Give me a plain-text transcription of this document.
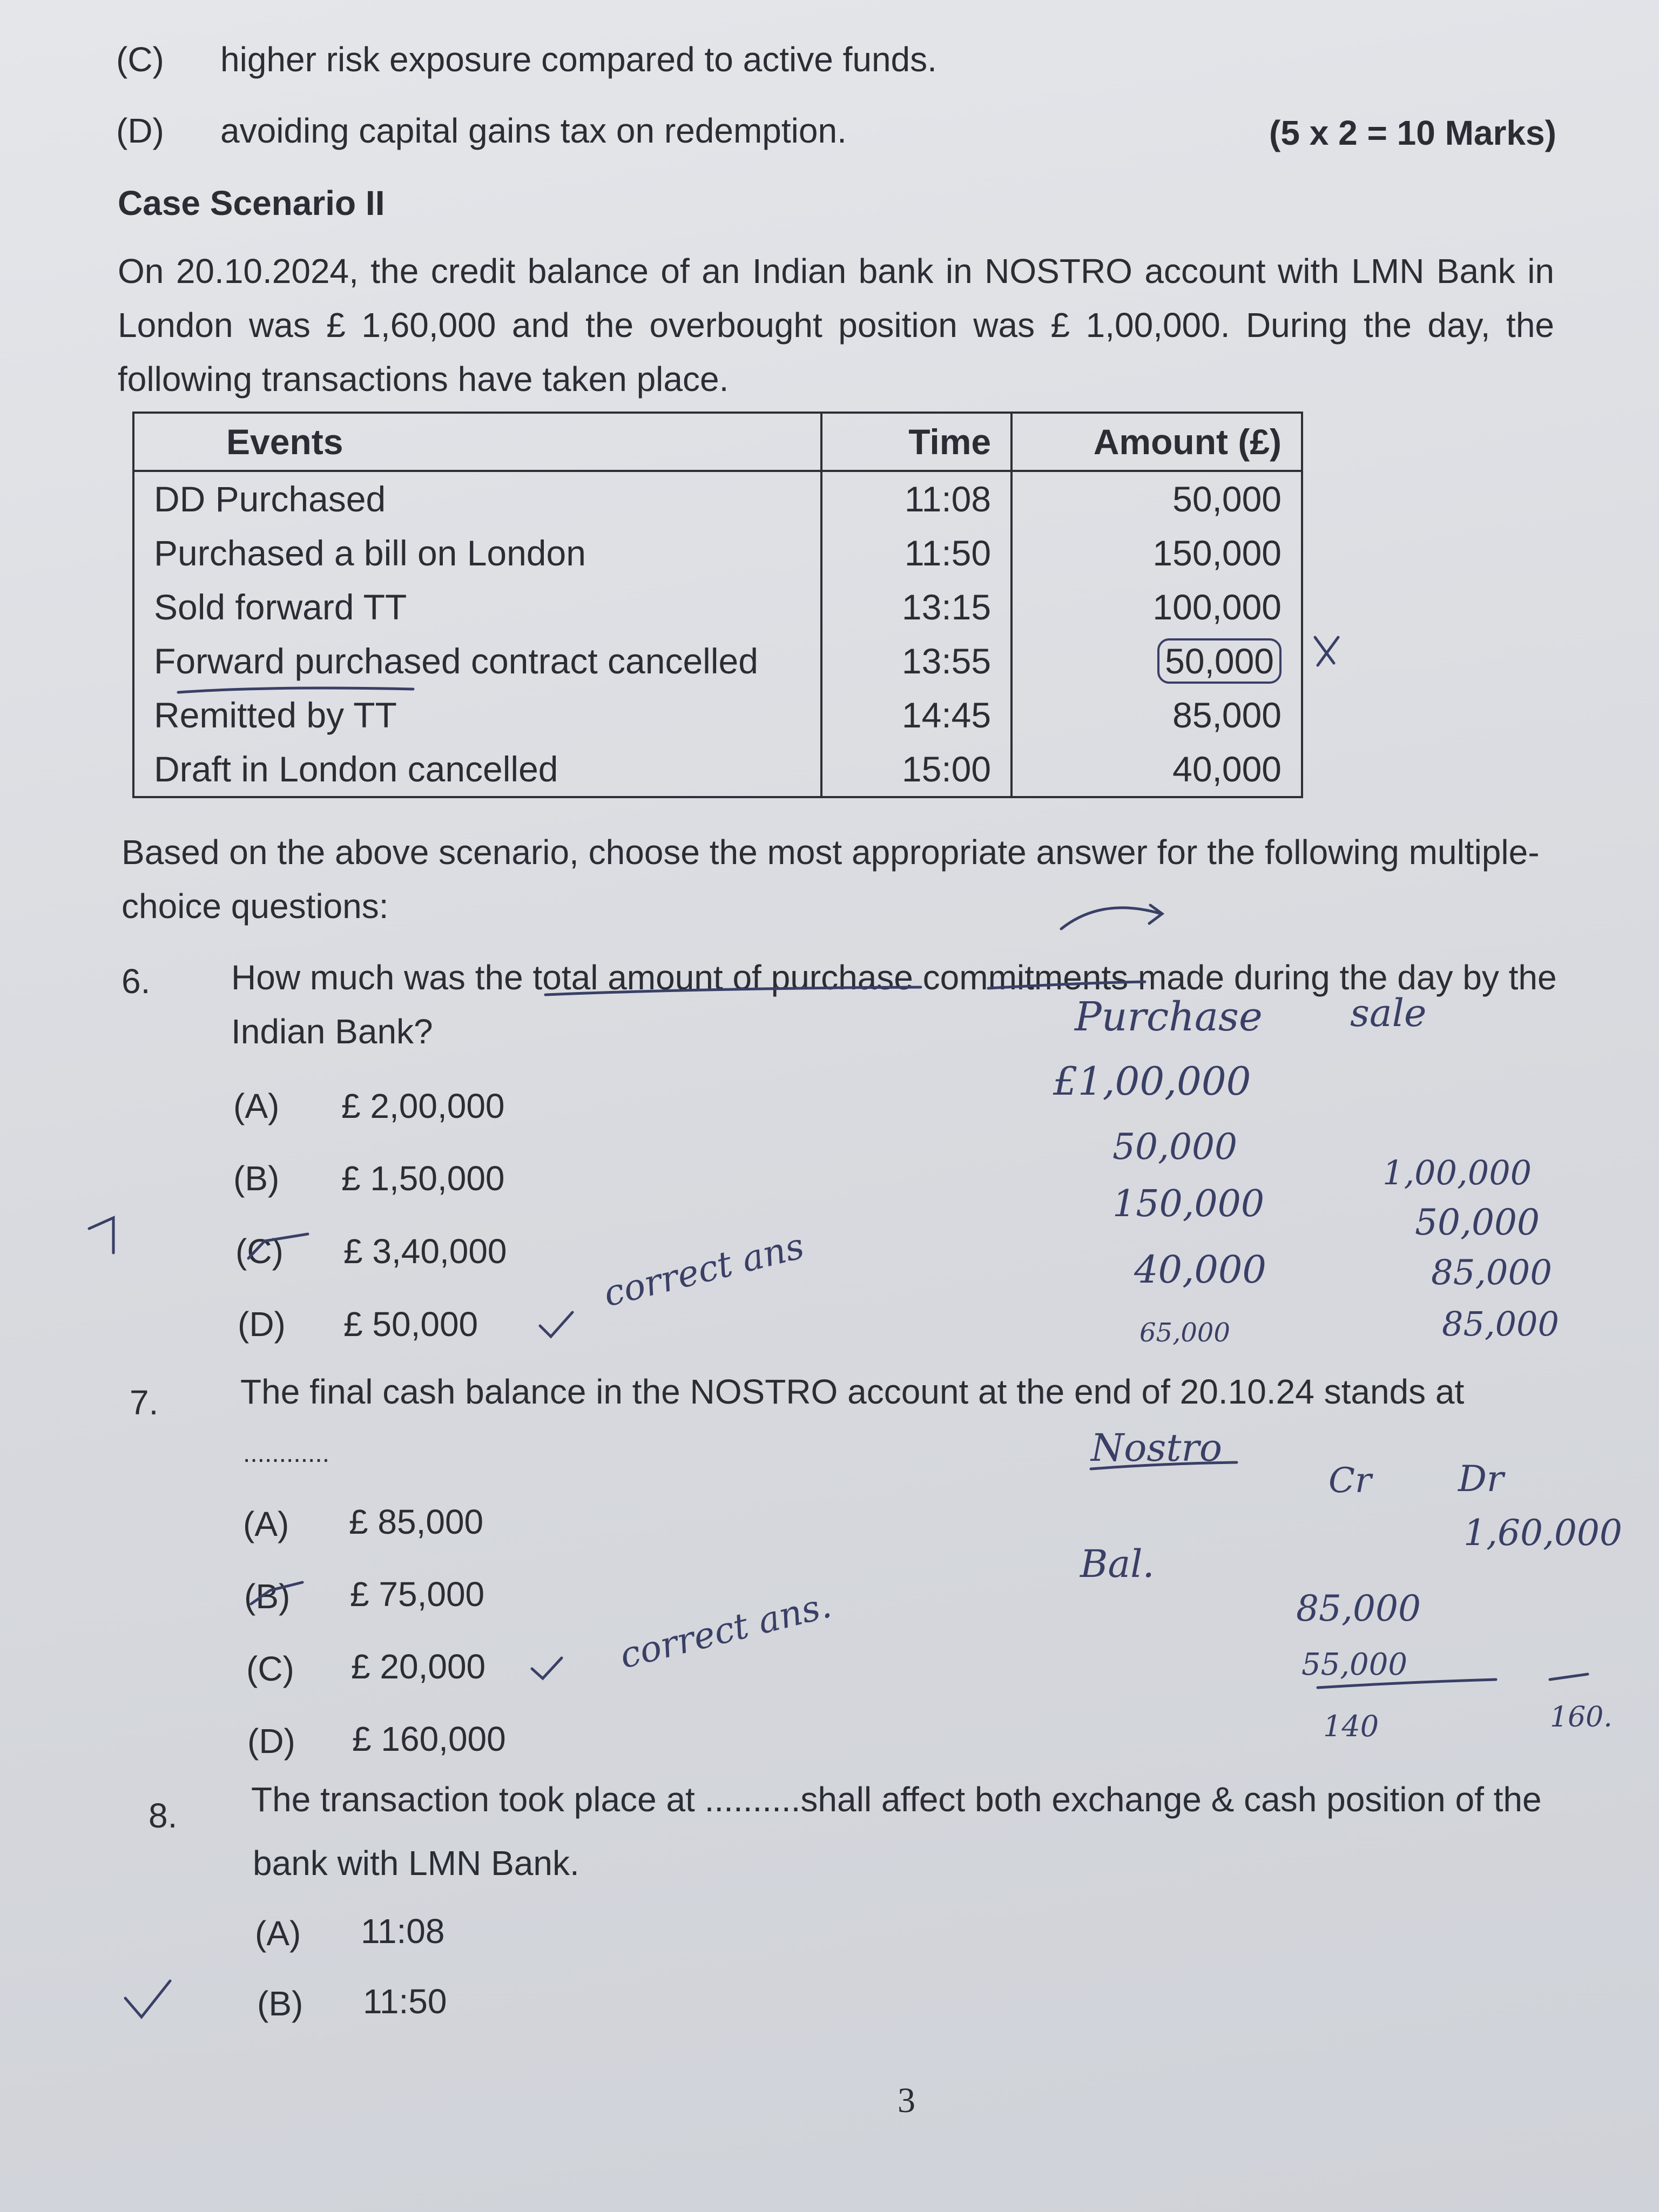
(C) higher risk exposure compared to active funds.
(D) avoiding capital gains tax on redemption.	(5 x 2 = 10 Marks)
Case Scenario II
On 20.10.2024, the credit balance of an Indian bank in NOSTRO account with LMN Bank in London was £ 1,60,000 and the overbought position was £ 1,00,000. During the day, the following transactions have taken place.
Events	Time	Amount (£)
DD Purchased	11:08	50,000
Purchased a bill on London	11:50	150,000
Sold forward TT	13:15	100,000
Forward purchased contract cancelled	13:55	50,000
Remitted by TT	14:45	85,000
Draft in London cancelled	15:00	40,000
Based on the above scenario, choose the most appropriate answer for the following multiple-choice questions:
6. How much was the total amount of purchase commitments made during the day by the Indian Bank?
(A) £ 2,00,000
(B) £ 1,50,000
(C) £ 3,40,000
(D) £ 50,000
7. The final cash balance in the NOSTRO account at the end of 20.10.24 stands at
............
(A) £ 85,000
(B) £ 75,000
(C) £ 20,000
(D) £ 160,000
8. The transaction took place at ..........shall affect both exchange & cash position of the
bank with LMN Bank.
(A) 11:08
(B) 11:50
Purchase sale
£1,00,000
50,000
150,000
40,000
65,000
1,00,000
50,000
85,000
85,000
correct ans
correct ans.
Nostro
Cr Dr
Bal.
1,60,000
85,000
55,000
140	160.
3
